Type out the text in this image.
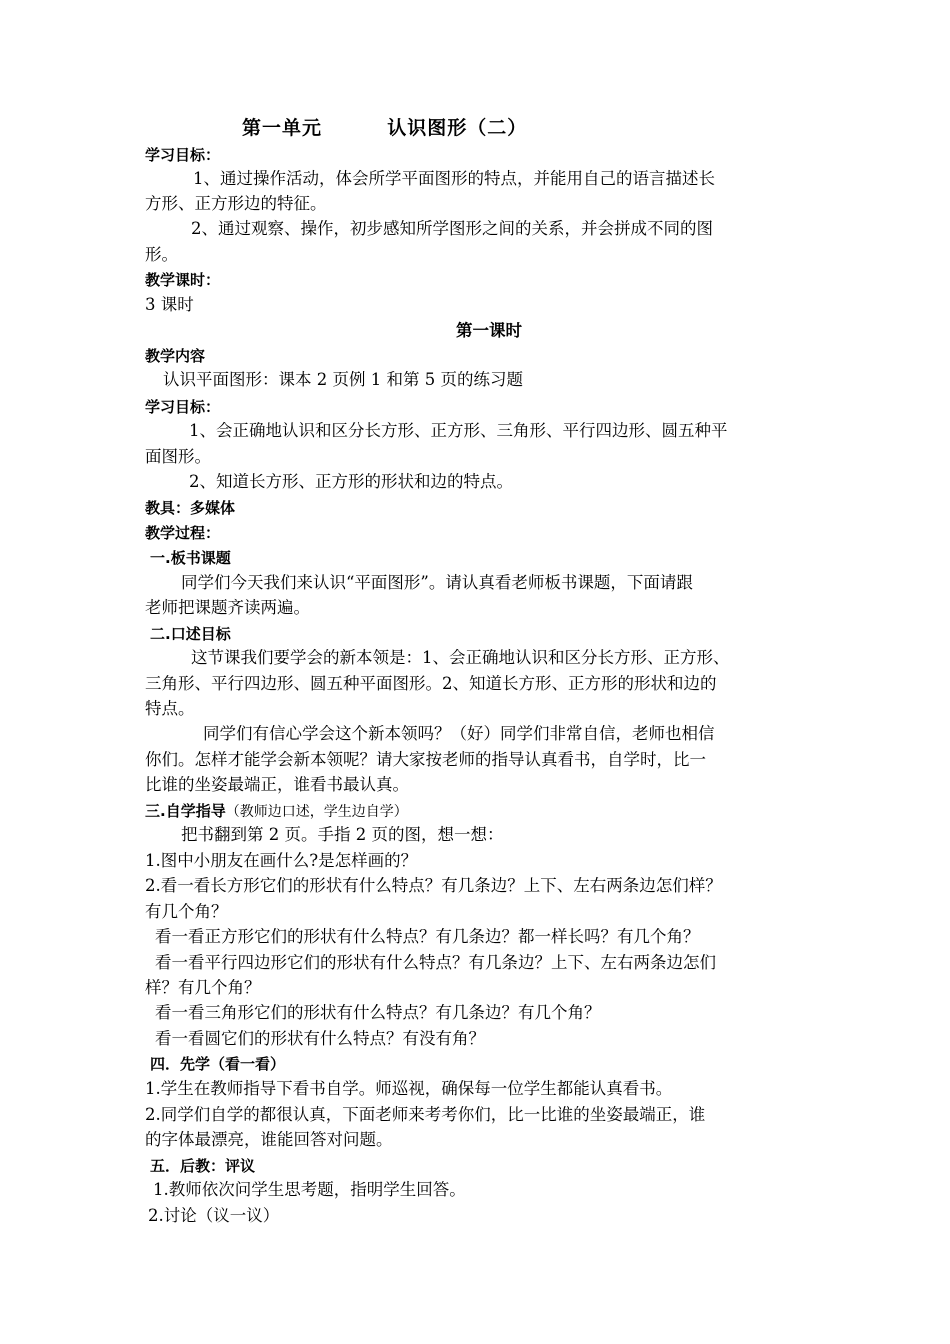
第一单元	认识图形（二）
学习目标：
1、通过操作活动，体会所学平面图形的特点，并能用自己的语言描述长
方形、正方形边的特征。
2、通过观察、操作，初步感知所学图形之间的关系，并会拼成不同的图
形。
教学课时：
3 课时
第一课时
教学内容
认识平面图形：课本 2 页例 1 和第 5 页的练习题
学习目标：
1、会正确地认识和区分长方形、正方形、三角形、平行四边形、圆五种平
面图形。
2、知道长方形、正方形的形状和边的特点。
教具：多媒体
教学过程：
一.板书课题
同学们今天我们来认识“平面图形”。请认真看老师板书课题，下面请跟
老师把课题齐读两遍。
二.口述目标
这节课我们要学会的新本领是：1、会正确地认识和区分长方形、正方形、
三角形、平行四边形、圆五种平面图形。2、知道长方形、正方形的形状和边的
特点。
同学们有信心学会这个新本领吗？（好）同学们非常自信，老师也相信
你们。怎样才能学会新本领呢？请大家按老师的指导认真看书，自学时，比一
比谁的坐姿最端正，谁看书最认真。
三.自学指导（教师边口述，学生边自学）
把书翻到第 2 页。手指 2 页的图，想一想：
1.图中小朋友在画什么?是怎样画的？
2.看一看长方形它们的形状有什么特点？有几条边？上下、左右两条边怎们样？
有几个角？
看一看正方形它们的形状有什么特点？有几条边？都一样长吗？有几个角？
看一看平行四边形它们的形状有什么特点？有几条边？上下、左右两条边怎们
样？有几个角？
看一看三角形它们的形状有什么特点？有几条边？有几个角？
看一看圆它们的形状有什么特点？有没有角？
四．先学（看一看）
1.学生在教师指导下看书自学。师巡视，确保每一位学生都能认真看书。
2.同学们自学的都很认真，下面老师来考考你们，比一比谁的坐姿最端正，谁
的字体最漂亮，谁能回答对问题。
五．后教：评议
1.教师依次问学生思考题，指明学生回答。
2.讨论（议一议）
